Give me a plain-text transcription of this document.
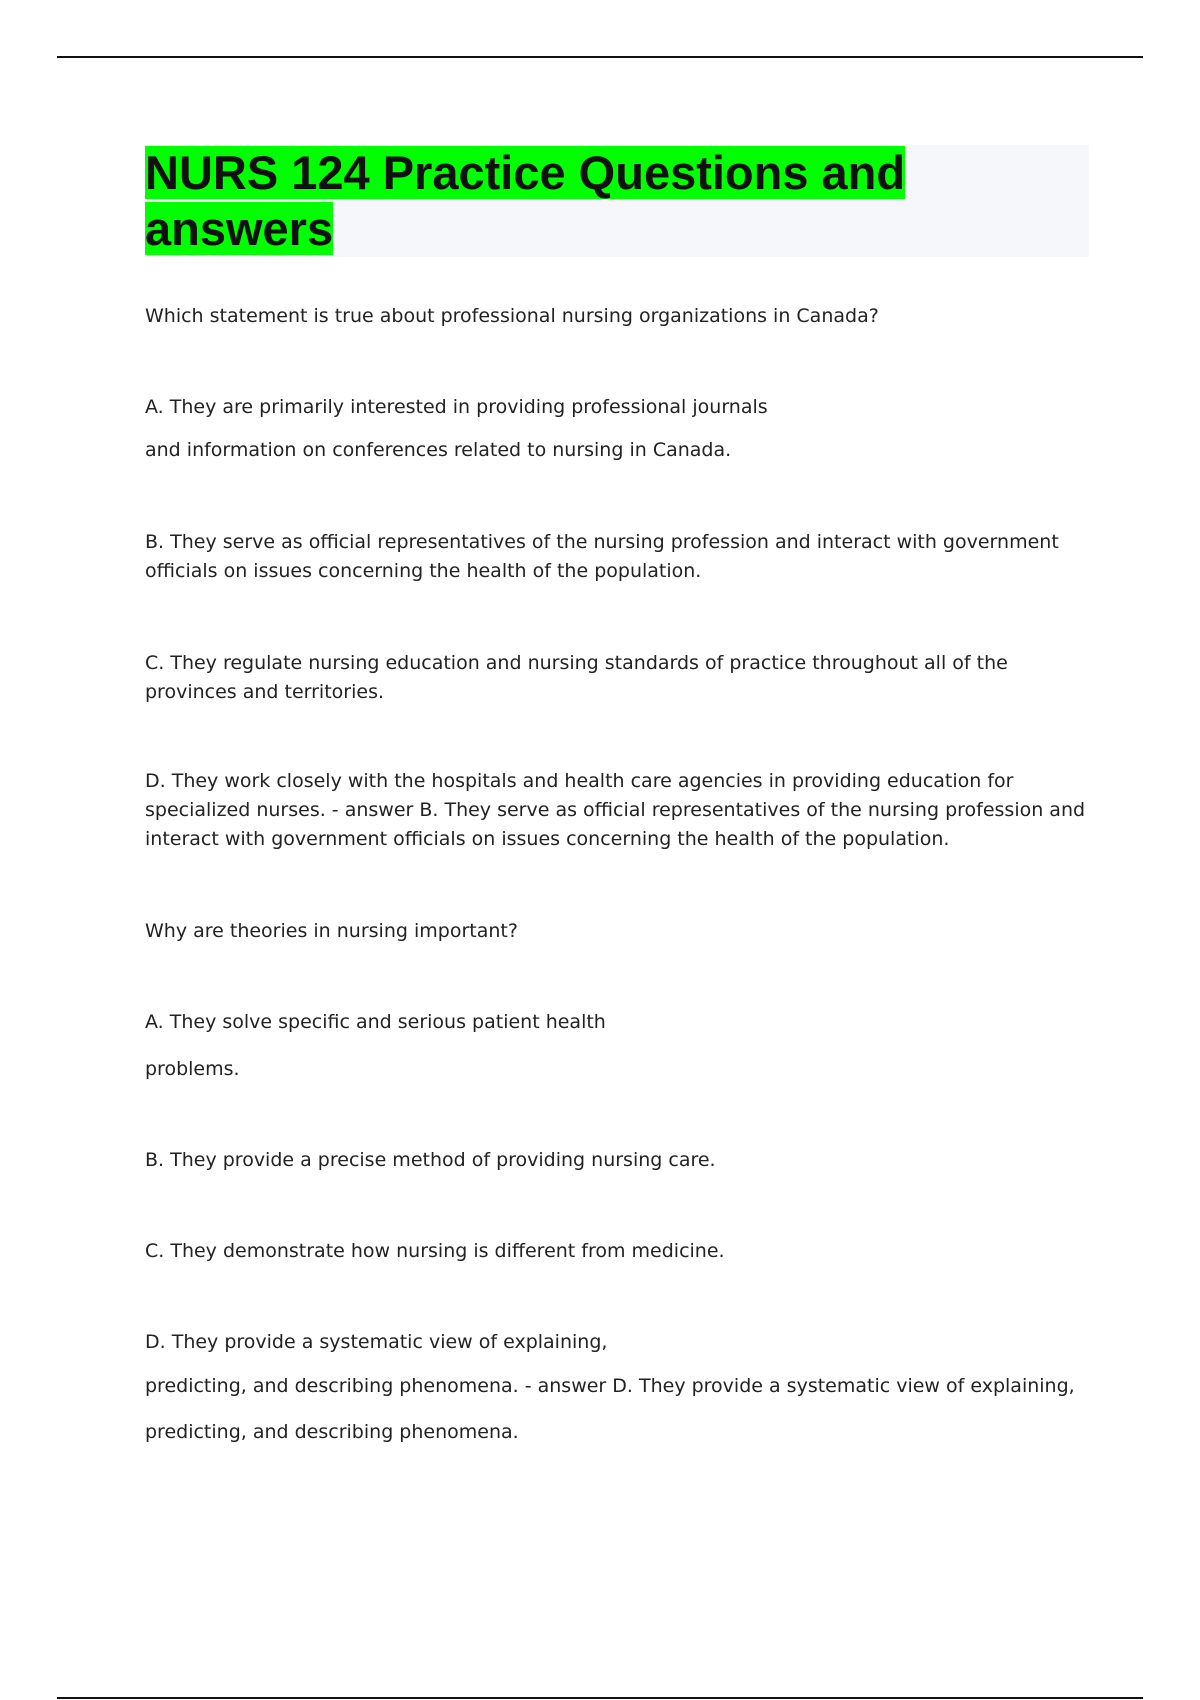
NURS 124 Practice Questions and answers

Which statement is true about professional nursing organizations in Canada?

A. They are primarily interested in providing professional journals

and information on conferences related to nursing in Canada.

B. They serve as official representatives of the nursing profession and interact with government officials on issues concerning the health of the population.

C. They regulate nursing education and nursing standards of practice throughout all of the provinces and territories.

D. They work closely with the hospitals and health care agencies in providing education for specialized nurses. - answer B. They serve as official representatives of the nursing profession and interact with government officials on issues concerning the health of the population.

Why are theories in nursing important?

A. They solve specific and serious patient health

problems.

B. They provide a precise method of providing nursing care.

C. They demonstrate how nursing is different from medicine.

D. They provide a systematic view of explaining,

predicting, and describing phenomena. - answer D. They provide a systematic view of explaining,

predicting, and describing phenomena.
